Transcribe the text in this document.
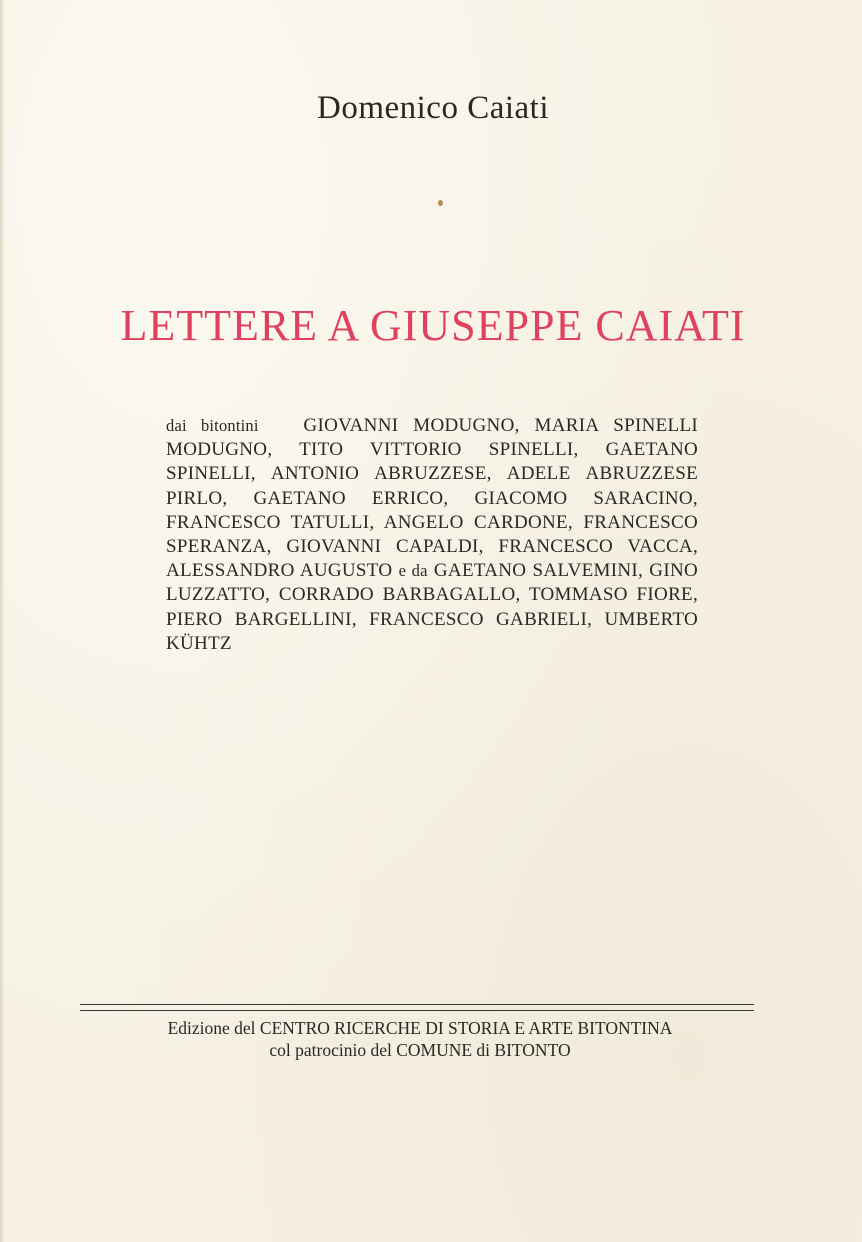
Domenico Caiati
LETTERE A GIUSEPPE CAIATI
dai bitontini GIOVANNI MODUGNO, MARIA SPINELLI MODUGNO, TITO VITTORIO SPINELLI, GAETANO SPINELLI, ANTONIO ABRUZZESE, ADELE ABRUZZESE PIRLO, GAETANO ERRICO, GIACOMO SARACINO, FRANCESCO TATULLI, ANGELO CARDONE, FRANCESCO SPERANZA, GIOVANNI CAPALDI, FRANCESCO VACCA, ALESSANDRO AUGUSTO e da GAETANO SALVEMINI, GINO LUZZATTO, CORRADO BARBAGALLO, TOMMASO FIORE, PIERO BARGELLINI, FRANCESCO GABRIELI, UMBERTO KÜHTZ
Edizione del CENTRO RICERCHE DI STORIA E ARTE BITONTINA
col patrocinio del COMUNE di BITONTO
